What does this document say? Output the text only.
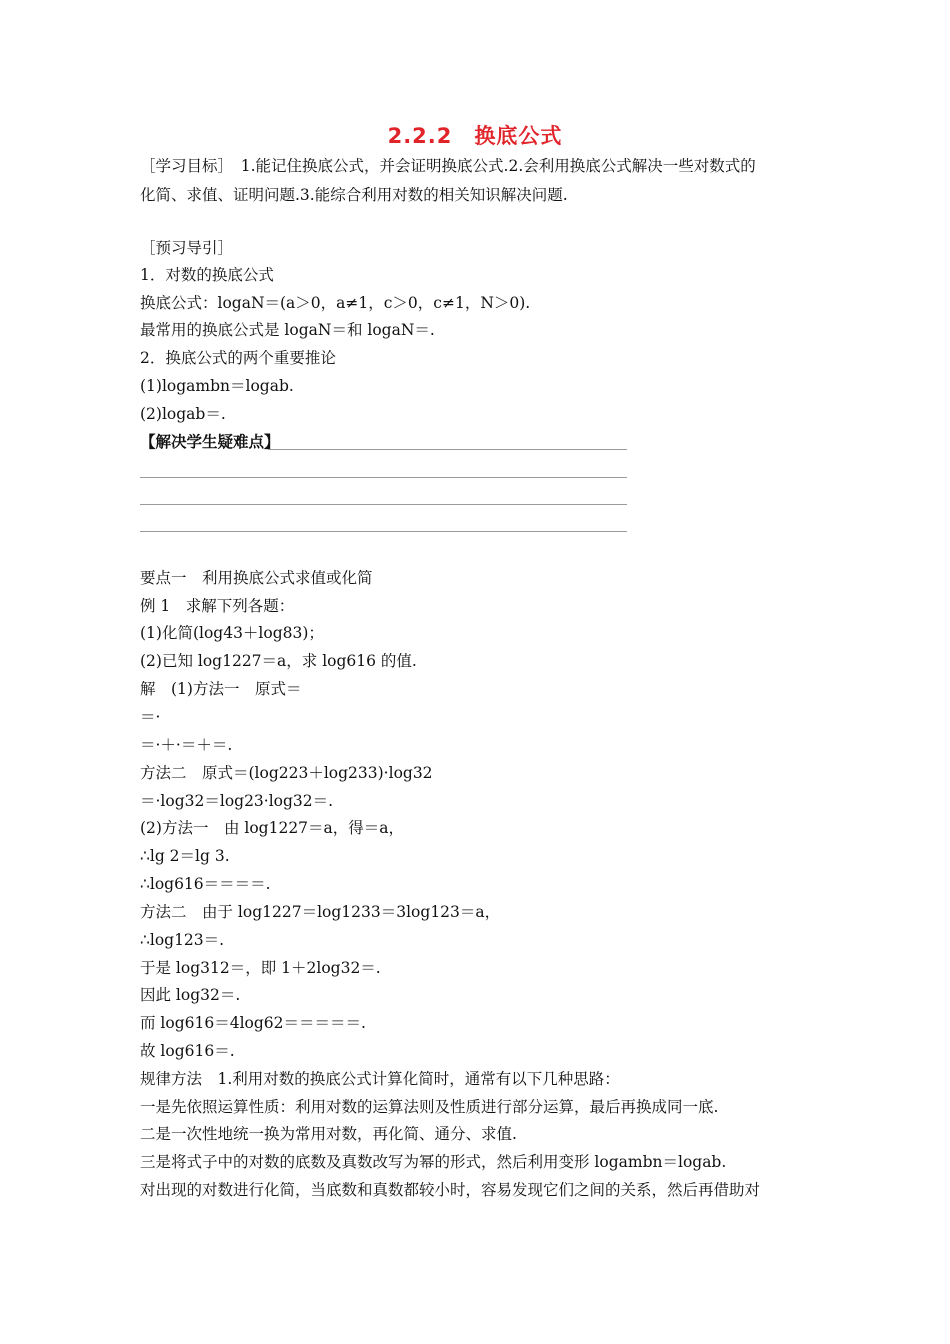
2.2.2　换底公式
［学习目标］　1.能记住换底公式，并会证明换底公式.2.会利用换底公式解决一些对数式的
化简、求值、证明问题.3.能综合利用对数的相关知识解决问题.
［预习导引］
1．对数的换底公式
换底公式：logaN＝(a＞0，a≠1，c＞0，c≠1，N＞0).
最常用的换底公式是 logaN＝和 logaN＝.
2．换底公式的两个重要推论
(1)logambn＝logab.
(2)logab＝.
【解决学生疑难点】
要点一　利用换底公式求值或化简
例 1　求解下列各题：
(1)化简(log43＋log83)；
(2)已知 log1227＝a，求 log616 的值.
解　(1)方法一　原式＝
＝·
＝·＋·＝＋＝.
方法二　原式＝(log223＋log233)·log32
＝·log32＝log23·log32＝.
(2)方法一　由 log1227＝a，得＝a，
∴lg 2＝lg 3.
∴log616＝＝＝＝.
方法二　由于 log1227＝log1233＝3log123＝a，
∴log123＝.
于是 log312＝，即 1＋2log32＝.
因此 log32＝.
而 log616＝4log62＝＝＝＝＝.
故 log616＝.
规律方法　1.利用对数的换底公式计算化简时，通常有以下几种思路：
一是先依照运算性质：利用对数的运算法则及性质进行部分运算，最后再换成同一底.
二是一次性地统一换为常用对数，再化简、通分、求值.
三是将式子中的对数的底数及真数改写为幂的形式，然后利用变形 logambn＝logab.
对出现的对数进行化简，当底数和真数都较小时，容易发现它们之间的关系，然后再借助对
